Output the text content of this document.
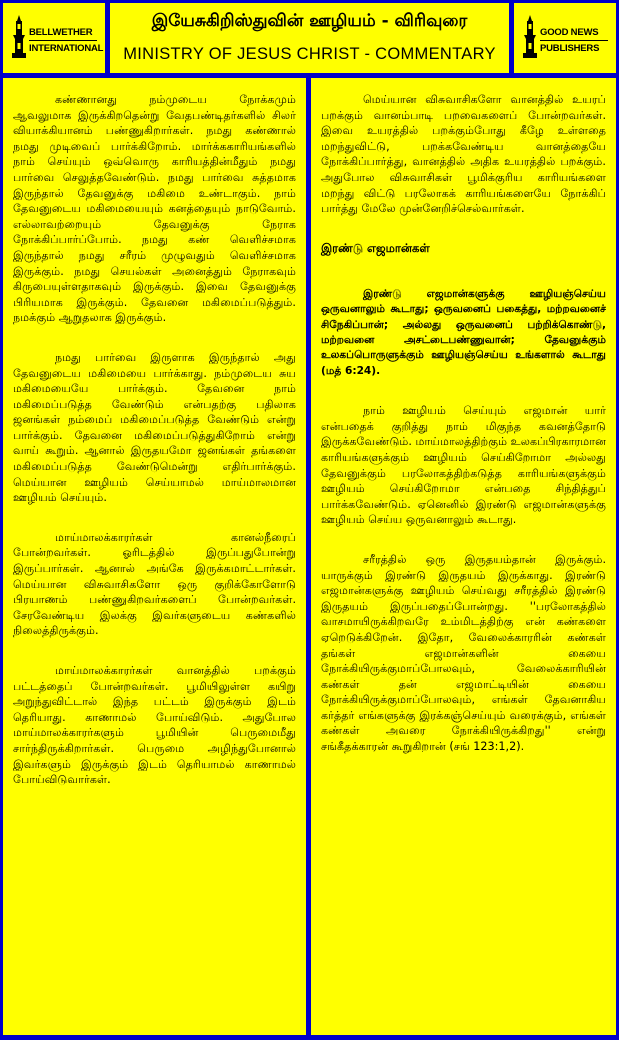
BELLWETHER
INTERNATIONAL
இயேசுகிறிஸ்துவின் ஊழியம் - விரிவுரை
MINISTRY OF JESUS CHRIST - COMMENTARY
GOOD NEWS
PUBLISHERS

கண்ணானது நம்முடைய நோக்கமும் ஆவலுமாக இருக்கிறதென்று வேதபண்டிதர்களில் சிலர் வியாக்கியானம் பண்ணுகிறார்கள். நமது கண்ணால் நமது முடிவைப் பார்க்கிறோம். மார்க்ககாரியங்களில் நாம் செய்யும் ஒவ்வொரு காரியத்தின்மீதும் நமது பார்வை செலுத்தவேண்டும். நமது பார்வை சுத்தமாக இருந்தால் தேவனுக்கு மகிமை உண்டாகும். நாம் தேவனுடைய மகிமையையும் கனத்தையும் நாடுவோம். எல்லாவற்றையும் தேவனுக்கு நேராக நோக்கிப்பார்ப்போம். நமது கண் வெளிச்சமாக இருந்தால் நமது சரீரம் முழுவதும் வெளிச்சமாக இருக்கும். நமது செயல்கள் அனைத்தும் நேராகவும் கிருபையுள்ளதாகவும் இருக்கும். இவை தேவனுக்கு பிரியமாக இருக்கும். தேவனை மகிமைப்படுத்தும். நமக்கும் ஆறுதலாக இருக்கும்.

நமது பார்வை இருளாக இருந்தால் அது தேவனுடைய மகிமையை பார்க்காது. நம்முடைய சுய மகிமையையே பார்க்கும். தேவனை நாம் மகிமைப்படுத்த வேண்டும் என்பதற்கு பதிலாக ஜனங்கள் நம்மைப் மகிமைப்படுத்த வேண்டும் என்று பார்க்கும். தேவனை மகிமைப்படுத்துகிறோம் என்று வாய் கூறும். ஆனால் இருதயமோ ஜனங்கள் தங்களை மகிமைப்படுத்த வேண்டுமென்று எதிர்பார்க்கும். மெய்யான ஊழியம் செய்யாமல் மாய்மாலமான ஊழியம் செய்யும்.

மாய்மாலக்காரர்கள் கானல்நீரைப் போன்றவர்கள். ஓரிடத்தில் இருப்பதுபோன்று இருப்பார்கள். ஆனால் அங்கே இருக்கமாட்டார்கள். மெய்யான விசுவாசிகளோ ஒரு குறிக்கோளோடு பிரயாணம் பண்ணுகிறவர்களைப் போன்றவர்கள். சேரவேண்டிய இலக்கு இவர்களுடைய கண்களில் நிலைத்திருக்கும்.

மாய்மாலக்காரர்கள் வானத்தில் பறக்கும் பட்டத்தைப் போன்றவர்கள். பூமியிலுள்ள கயிறு அறுந்துவிட்டால் இந்த பட்டம் இருக்கும் இடம் தெரியாது. காணாமல் போய்விடும். அதுபோல மாய்மாலக்காரர்களும் பூமியின் பெருமைமீது சார்ந்திருக்கிறார்கள். பெருமை அழிந்துபோனால் இவர்களும் இருக்கும் இடம் தெரியாமல் காணாமல் போய்விடுவார்கள்.

மெய்யான விசுவாசிகளோ வானத்தில் உயரப் பறக்கும் வானம்பாடி பறவைகளைப் போன்றவர்கள். இவை உயரத்தில் பறக்கும்போது கீழே உள்ளதை மறந்துவிட்டு, பறக்கவேண்டிய வானத்தையே நோக்கிப்பார்த்து, வானத்தில் அதிக உயரத்தில் பறக்கும். அதுபோல விசுவாசிகள் பூமிக்குரிய காரியங்களை மறந்து விட்டு பரலோகக் காரியங்களையே நோக்கிப் பார்த்து மேலே முன்னேறிச்செல்வார்கள்.

இரண்டு எஜமான்கள்

இரண்டு எஜமான்களுக்கு ஊழியஞ்செய்ய ஒருவனாலும் கூடாது; ஒருவனைப் பகைத்து, மற்றவனைச் சிநேகிப்பான்; அல்லது ஒருவனைப் பற்றிக்கொண்டு, மற்றவனை அசட்டைபண்ணுவான்; தேவனுக்கும் உலகப்பொருளுக்கும் ஊழியஞ்செய்ய உங்களால் கூடாது (மத் 6:24).

நாம் ஊழியம் செய்யும் எஜமான் யார் என்பதைக் குறித்து நாம் மிகுந்த கவனத்தோடு இருக்கவேண்டும். மாய்மாலத்திற்கும் உலகப்பிரகாரமான காரியங்களுக்கும் ஊழியம் செய்கிறோமா அல்லது தேவனுக்கும் பரலோகத்திற்கடுத்த காரியங்களுக்கும் ஊழியம் செய்கிறோமா என்பதை சிந்தித்துப் பார்க்கவேண்டும். ஏனெனில் இரண்டு எஜமான்களுக்கு ஊழியம் செய்ய ஒருவனாலும் கூடாது.

சரீரத்தில் ஒரு இருதயம்தான் இருக்கும். யாருக்கும் இரண்டு இருதயம் இருக்காது. இரண்டு எஜமான்களுக்கு ஊழியம் செய்வது சரீரத்தில் இரண்டு இருதயம் இருப்பதைப்போன்றது. ''பரலோகத்தில் வாசமாயிருக்கிறவரே உம்மிடத்திற்கு என் கண்களை ஏறெடுக்கிறேன். இதோ, வேலைக்காரரின் கண்கள் தங்கள் எஜமான்களின் கையை நோக்கியிருக்குமாப்போலவும், வேலைக்காரியின் கண்கள் தன் எஜமாட்டியின் கையை நோக்கியிருக்குமாப்போலவும், எங்கள் தேவனாகிய கர்த்தர் எங்களுக்கு இரக்கஞ்செய்யும் வரைக்கும், எங்கள் கண்கள் அவரை நோக்கியிருக்கிறது'' என்று சங்கீதக்காரன் கூறுகிறான் (சங் 123:1,2).
